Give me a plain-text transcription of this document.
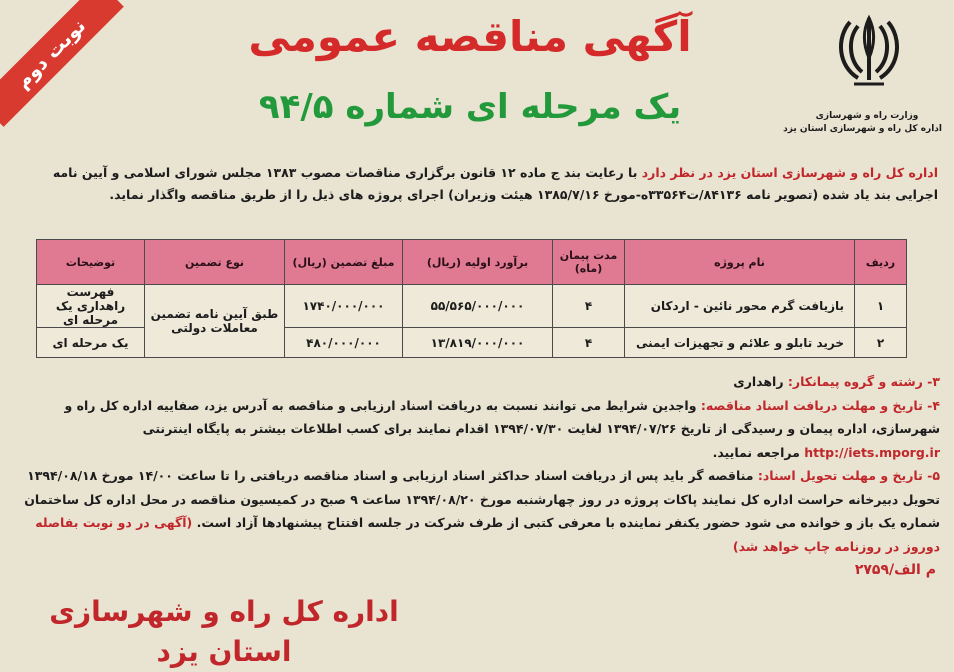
نوبت دوم
وزارت راه و شهرسازی
اداره کل راه و شهرسازی استان یزد
آگهی مناقصه عمومی
یک مرحله ای شماره ۹۴/۵
اداره کل راه و شهرسازی استان یزد در نظر دارد با رعایت بند ج ماده ۱۲ قانون برگزاری مناقصات مصوب ۱۳۸۳ مجلس شورای اسلامی و آیین نامه اجرایی بند یاد شده (تصویر نامه ۸۴۱۳۶/ت۳۳۵۶۴ه-مورخ ۱۳۸۵/۷/۱۶ هیئت وزیران) اجرای پروژه های ذیل را از طریق مناقصه واگذار نماید.
ردیف	نام پروژه	مدت پیمان (ماه)	برآورد اولیه (ریال)	مبلغ تضمین (ریال)	نوع تضمین	توضیحات
۱	بازیافت گرم محور نائین - اردکان	۴	۵۵/۵۶۵/۰۰۰/۰۰۰	۱۷۴۰/۰۰۰/۰۰۰	طبق آیین نامه تضمین معاملات دولتی	فهرست راهداری یک مرحله ای
۲	خرید تابلو و علائم و تجهیزات ایمنی	۴	۱۳/۸۱۹/۰۰۰/۰۰۰	۴۸۰/۰۰۰/۰۰۰		یک مرحله ای

۳- رشته و گروه پیمانکار: راهداری

۴- تاریخ و مهلت دریافت اسناد مناقصه: واجدین شرایط می توانند نسبت به دریافت اسناد ارزیابی و مناقصه به آدرس یزد، صفاییه اداره کل راه و شهرسازی، اداره پیمان و رسیدگی از تاریخ ۱۳۹۴/۰۷/۲۶ لغایت ۱۳۹۴/۰۷/۳۰ اقدام نمایند برای کسب اطلاعات بیشتر به پایگاه اینترنتی http://iets.mporg.ir مراجعه نمایید.

۵- تاریخ و مهلت تحویل اسناد: مناقصه گر باید پس از دریافت اسناد حداکثر اسناد ارزیابی و اسناد مناقصه دریافتی را تا ساعت ۱۴/۰۰ مورخ ۱۳۹۴/۰۸/۱۸ تحویل دبیرخانه حراست اداره کل نمایند پاکات پروژه در روز چهارشنبه مورخ ۱۳۹۴/۰۸/۲۰ ساعت ۹ صبح در کمیسیون مناقصه در محل اداره کل ساختمان شماره یک باز و خوانده می شود حضور یکنفر نماینده با معرفی کتبی از طرف شرکت در جلسه افتتاح پیشنهادها آزاد است. (آگهی در دو نوبت بفاصله دوروز در روزنامه چاپ خواهد شد)

م الف/۲۷۵۹
اداره کل راه و شهرسازی استان یزد
